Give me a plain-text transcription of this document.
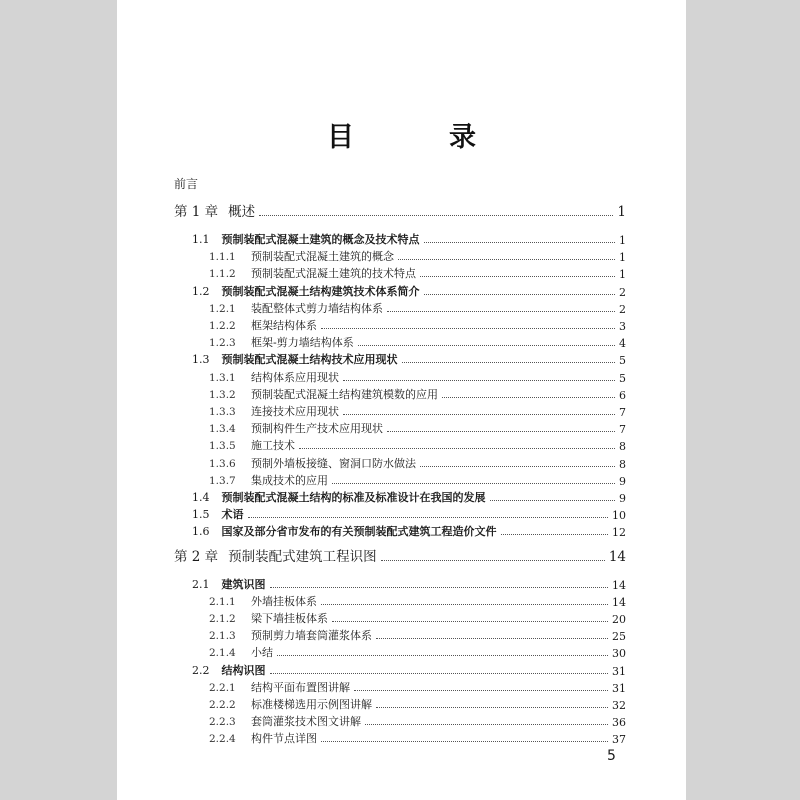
目　录
前言
第 1 章 概述	1
1.1 预制装配式混凝土建筑的概念及技术特点	1
1.1.1 预制装配式混凝土建筑的概念	1
1.1.2 预制装配式混凝土建筑的技术特点	1
1.2 预制装配式混凝土结构建筑技术体系简介	2
1.2.1 装配整体式剪力墙结构体系	2
1.2.2 框架结构体系	3
1.2.3 框架-剪力墙结构体系	4
1.3 预制装配式混凝土结构技术应用现状	5
1.3.1 结构体系应用现状	5
1.3.2 预制装配式混凝土结构建筑模数的应用	6
1.3.3 连接技术应用现状	7
1.3.4 预制构件生产技术应用现状	7
1.3.5 施工技术	8
1.3.6 预制外墙板接缝、窗洞口防水做法	8
1.3.7 集成技术的应用	9
1.4 预制装配式混凝土结构的标准及标准设计在我国的发展	9
1.5 术语	10
1.6 国家及部分省市发布的有关预制装配式建筑工程造价文件	12
第 2 章 预制装配式建筑工程识图	14
2.1 建筑识图	14
2.1.1 外墙挂板体系	14
2.1.2 梁下墙挂板体系	20
2.1.3 预制剪力墙套筒灌浆体系	25
2.1.4 小结	30
2.2 结构识图	31
2.2.1 结构平面布置图讲解	31
2.2.2 标准楼梯选用示例图讲解	32
2.2.3 套筒灌浆技术图文讲解	36
2.2.4 构件节点详图	37
5
